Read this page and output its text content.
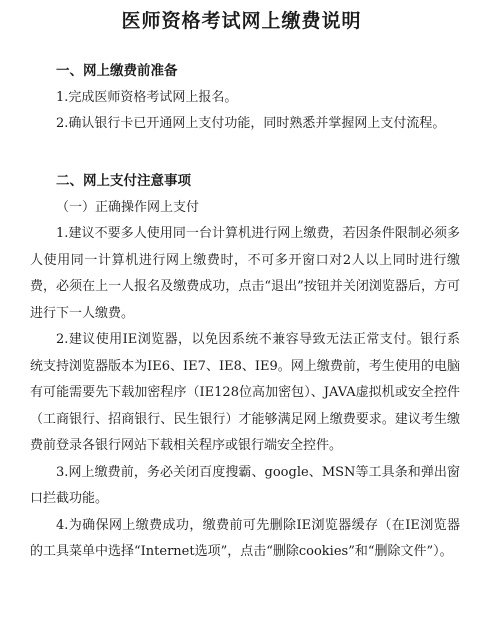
医师资格考试网上缴费说明

一、网上缴费前准备

1.完成医师资格考试网上报名。

2.确认银行卡已开通网上支付功能，同时熟悉并掌握网上支付流程。

二、网上支付注意事项

（一）正确操作网上支付

1.建议不要多人使用同一台计算机进行网上缴费，若因条件限制必须多人使用同一计算机进行网上缴费时，不可多开窗口对2人以上同时进行缴费，必须在上一人报名及缴费成功，点击“退出”按钮并关闭浏览器后，方可进行下一人缴费。

2.建议使用IE浏览器，以免因系统不兼容导致无法正常支付。银行系统支持浏览器版本为IE6、IE7、IE8、IE9。网上缴费前，考生使用的电脑有可能需要先下载加密程序（IE128位高加密包）、JAVA虚拟机或安全控件（工商银行、招商银行、民生银行）才能够满足网上缴费要求。建议考生缴费前登录各银行网站下载相关程序或银行端安全控件。

3.网上缴费前，务必关闭百度搜霸、google、MSN等工具条和弹出窗口拦截功能。

4.为确保网上缴费成功，缴费前可先删除IE浏览器缓存（在IE浏览器的工具菜单中选择“Internet选项”，点击“删除cookies”和“删除文件”）。
